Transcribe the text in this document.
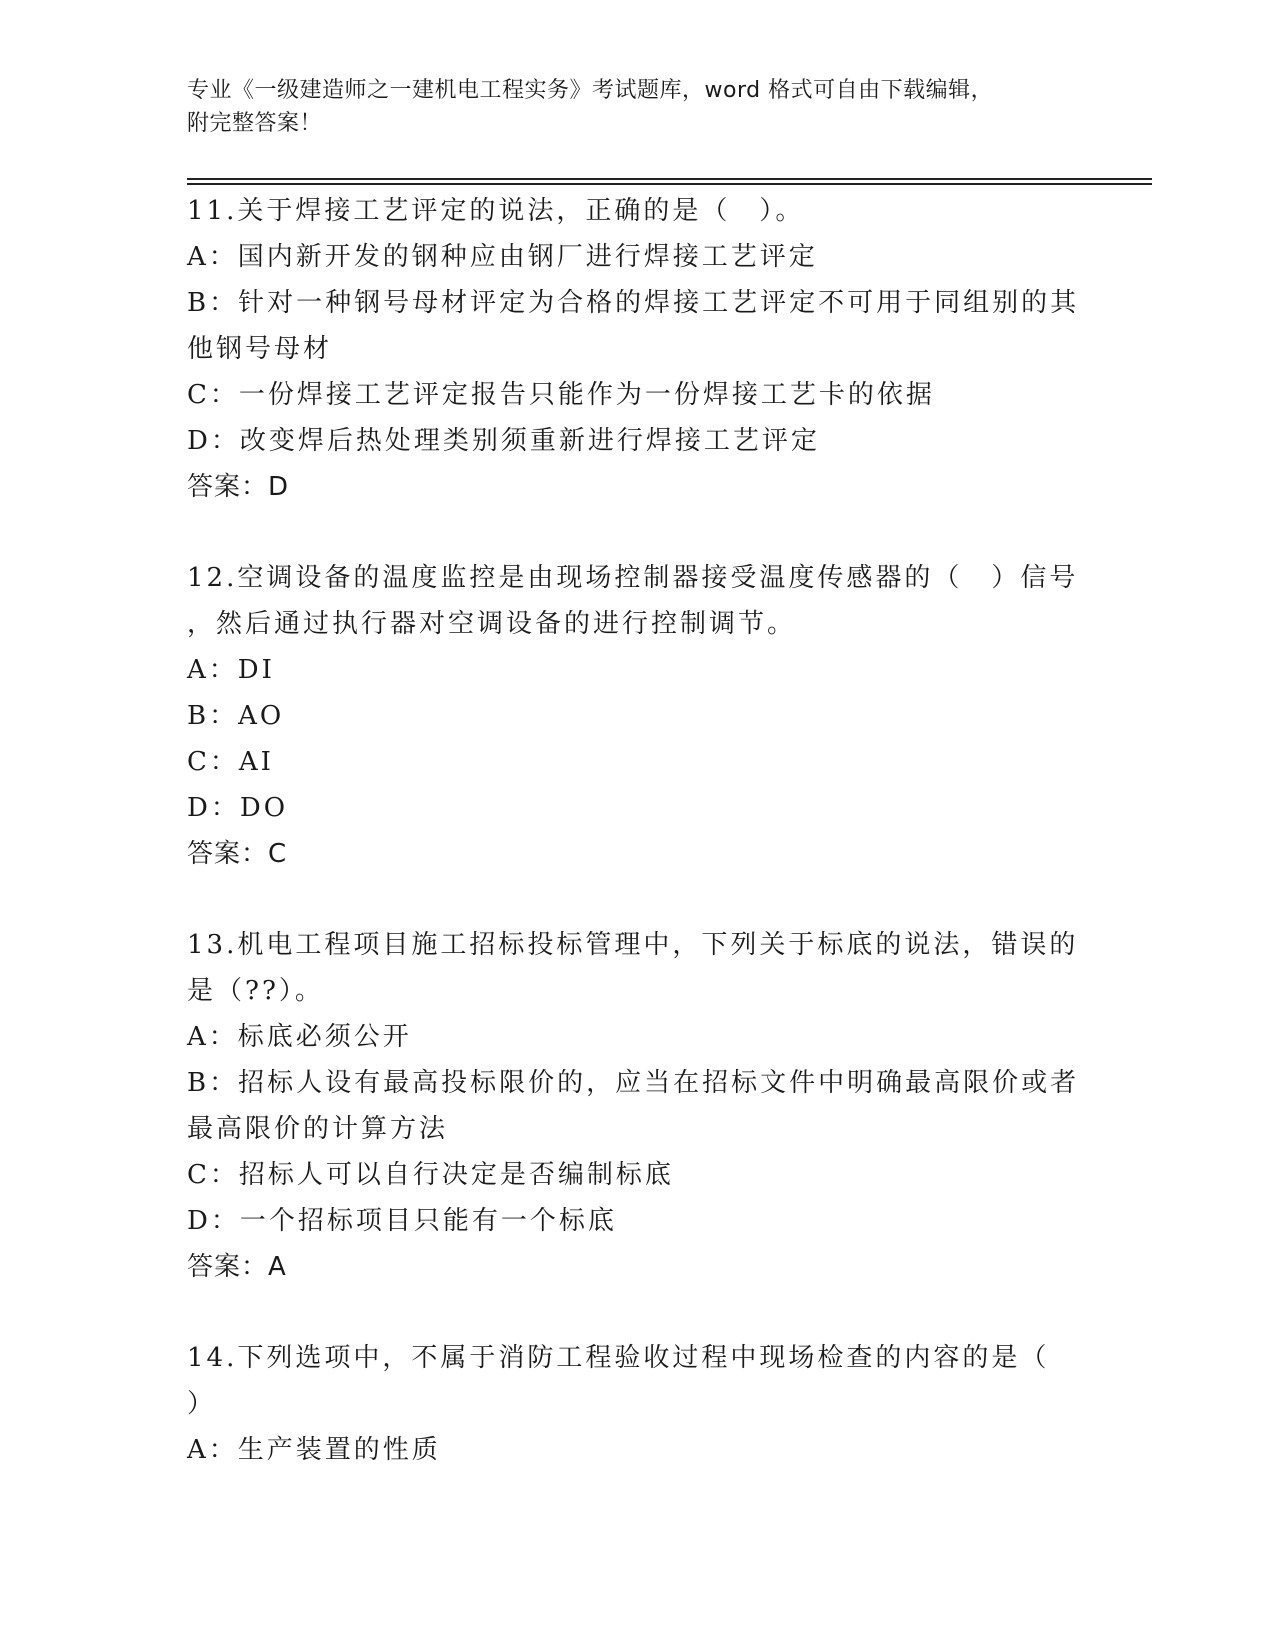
专业《一级建造师之一建机电工程实务》考试题库，word 格式可自由下载编辑，
附完整答案！
11.关于焊接工艺评定的说法，正确的是（　）。
A：国内新开发的钢种应由钢厂进行焊接工艺评定
B：针对一种钢号母材评定为合格的焊接工艺评定不可用于同组别的其
他钢号母材
C：一份焊接工艺评定报告只能作为一份焊接工艺卡的依据
D：改变焊后热处理类别须重新进行焊接工艺评定
答案：D
12.空调设备的温度监控是由现场控制器接受温度传感器的（　）信号
，然后通过执行器对空调设备的进行控制调节。
A：DI
B：AO
C：AI
D：DO
答案：C
13.机电工程项目施工招标投标管理中，下列关于标底的说法，错误的
是（??）。
A：标底必须公开
B：招标人设有最高投标限价的，应当在招标文件中明确最高限价或者
最高限价的计算方法
C：招标人可以自行决定是否编制标底
D：一个招标项目只能有一个标底
答案：A
14.下列选项中，不属于消防工程验收过程中现场检查的内容的是（
）
A：生产装置的性质
